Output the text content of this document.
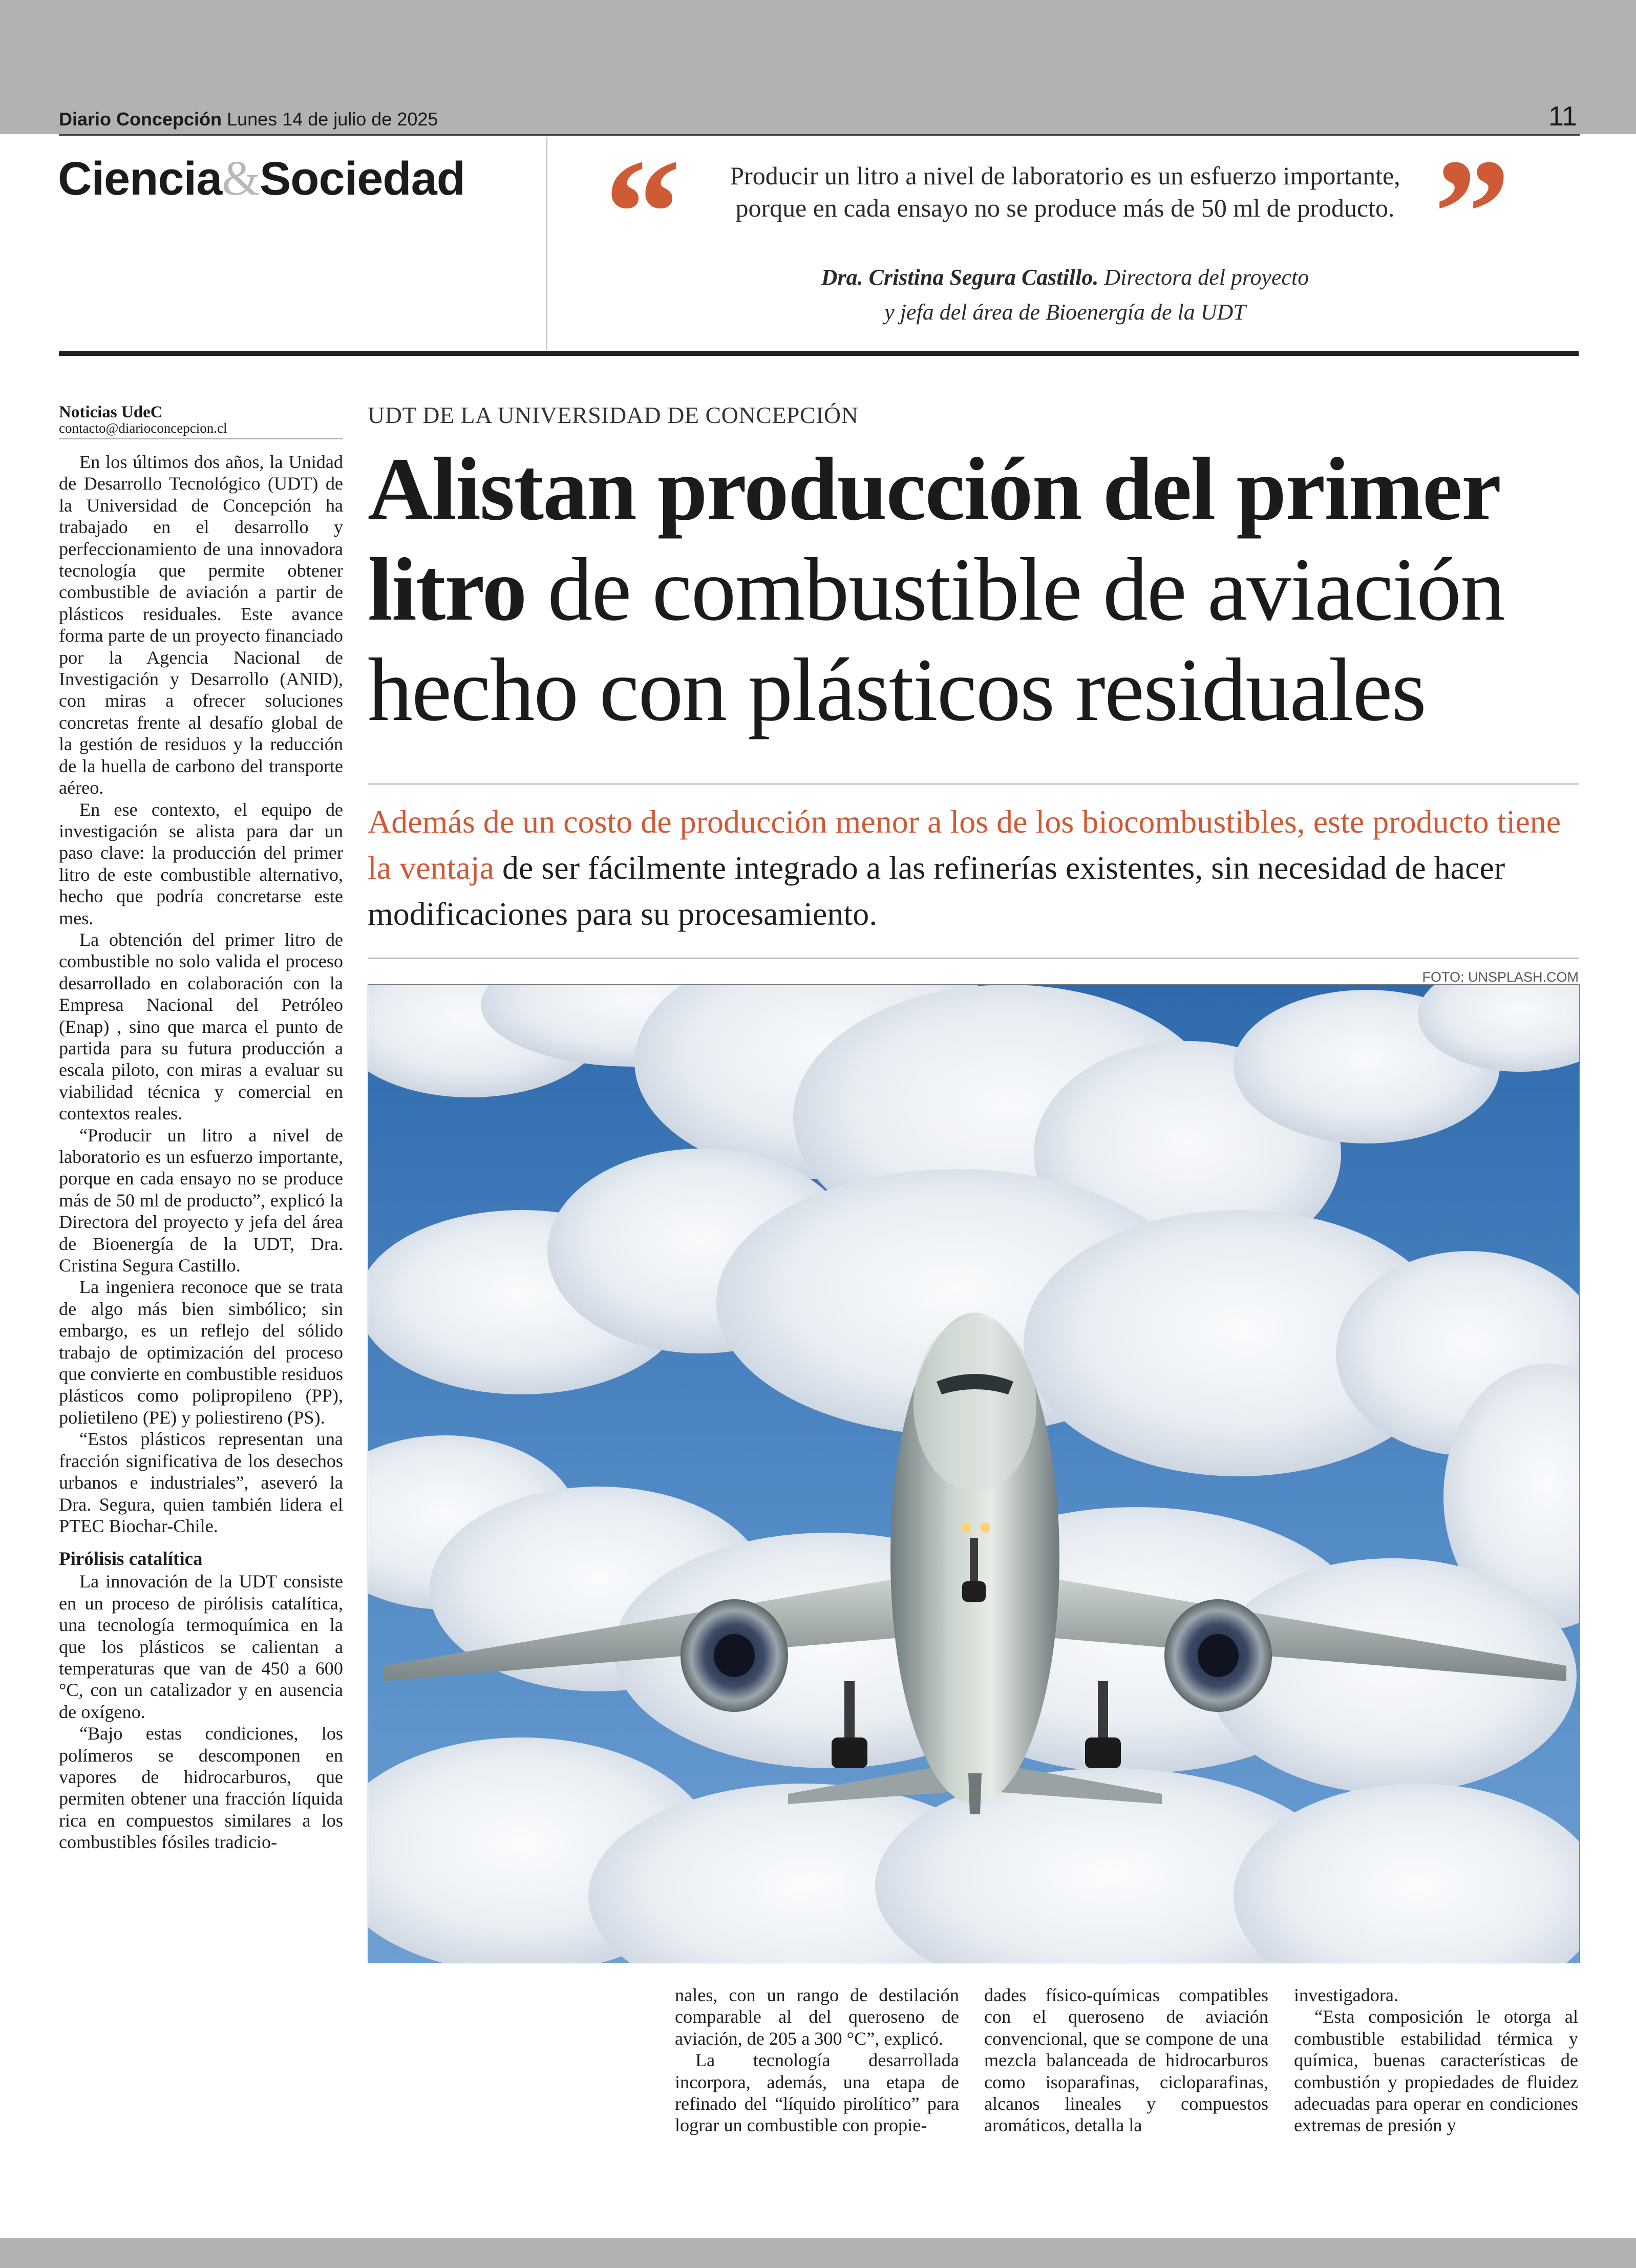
Diario Concepción Lunes 14 de julio de 2025	11
Ciencia&Sociedad “	Producir un litro a nivel de laboratorio es un esfuerzo importante, porque en cada ensayo no se produce más de 50 ml de producto.
Dra. Cristina Segura Castillo. Directora del proyecto
y jefa del área de Bioenergía de la UDT
”
Noticias UdeC
contacto@diarioconcepcion.cl

En los últimos dos años, la Unidad de Desarrollo Tecnológico (UDT) de la Universidad de Concepción ha trabajado en el desarrollo y perfeccionamiento de una innovadora tecnología que permite obtener combustible de aviación a partir de plásticos residuales. Este avance forma parte de un proyecto financiado por la Agencia Nacional de Investigación y Desarrollo (ANID), con miras a ofrecer soluciones concretas frente al desafío global de la gestión de residuos y la reducción de la huella de carbono del transporte aéreo.

En ese contexto, el equipo de investigación se alista para dar un paso clave: la producción del primer litro de este combustible alternativo, hecho que podría concretarse este mes.

La obtención del primer litro de combustible no solo valida el proceso desarrollado en colaboración con la Empresa Nacional del Petróleo (Enap) , sino que marca el punto de partida para su futura producción a escala piloto, con miras a evaluar su viabilidad técnica y comercial en contextos reales.

“Producir un litro a nivel de laboratorio es un esfuerzo importante, porque en cada ensayo no se produce más de 50 ml de producto”, explicó la Directora del proyecto y jefa del área de Bioenergía de la UDT, Dra. Cristina Segura Castillo.

La ingeniera reconoce que se trata de algo más bien simbólico; sin embargo, es un reflejo del sólido trabajo de optimización del proceso que convierte en combustible residuos plásticos como polipropileno (PP), polietileno (PE) y poliestireno (PS).

“Estos plásticos representan una fracción significativa de los desechos urbanos e industriales”, aseveró la Dra. Segura, quien también lidera el PTEC Biochar-Chile.

Pirólisis catalítica

La innovación de la UDT consiste en un proceso de pirólisis catalítica, una tecnología termoquímica en la que los plásticos se calientan a temperaturas que van de 450 a 600 °C, con un catalizador y en ausencia de oxígeno.

“Bajo estas condiciones, los polímeros se descomponen en vapores de hidrocarburos, que permiten obtener una fracción líquida rica en compuestos similares a los combustibles fósiles tradicio-

UDT DE LA UNIVERSIDAD DE CONCEPCIÓN
Alistan producción del primer litro de combustible de aviación hecho con plásticos residuales
Además de un costo de producción menor a los de los biocombustibles, este producto tiene la ventaja de ser fácilmente integrado a las refinerías existentes, sin necesidad de hacer modificaciones para su procesamiento.
FOTO: UNSPLASH.COM

nales, con un rango de destilación comparable al del queroseno de aviación, de 205 a 300 °C”, explicó.

La tecnología desarrollada incorpora, además, una etapa de refinado del “líquido pirolítico” para lograr un combustible con propie-

dades físico-químicas compatibles con el queroseno de aviación convencional, que se compone de una mezcla balanceada de hidrocarburos como isoparafinas, cicloparafinas, alcanos lineales y compuestos aromáticos, detalla la

investigadora.

“Esta composición le otorga al combustible estabilidad térmica y química, buenas características de combustión y propiedades de fluidez adecuadas para operar en condiciones extremas de presión y
